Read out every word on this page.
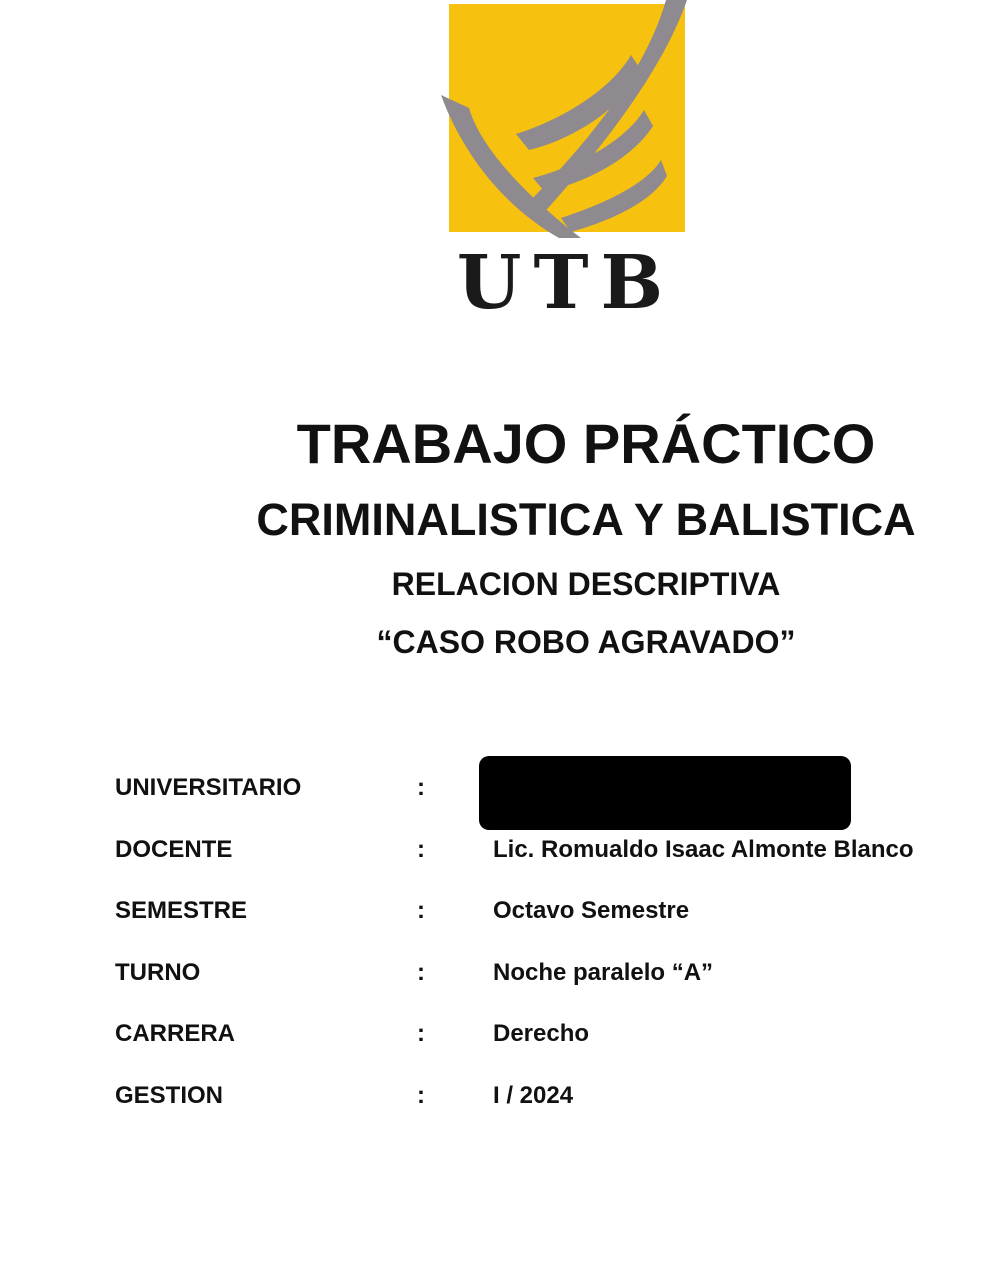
UTB
TRABAJO PRÁCTICO
CRIMINALISTICA Y BALISTICA
RELACION DESCRIPTIVA
“CASO ROBO AGRAVADO”
UNIVERSITARIO	:
DOCENTE	:	Lic. Romualdo Isaac Almonte Blanco
SEMESTRE	:	Octavo Semestre
TURNO	:	Noche paralelo “A”
CARRERA	:	Derecho
GESTION	:	I / 2024
